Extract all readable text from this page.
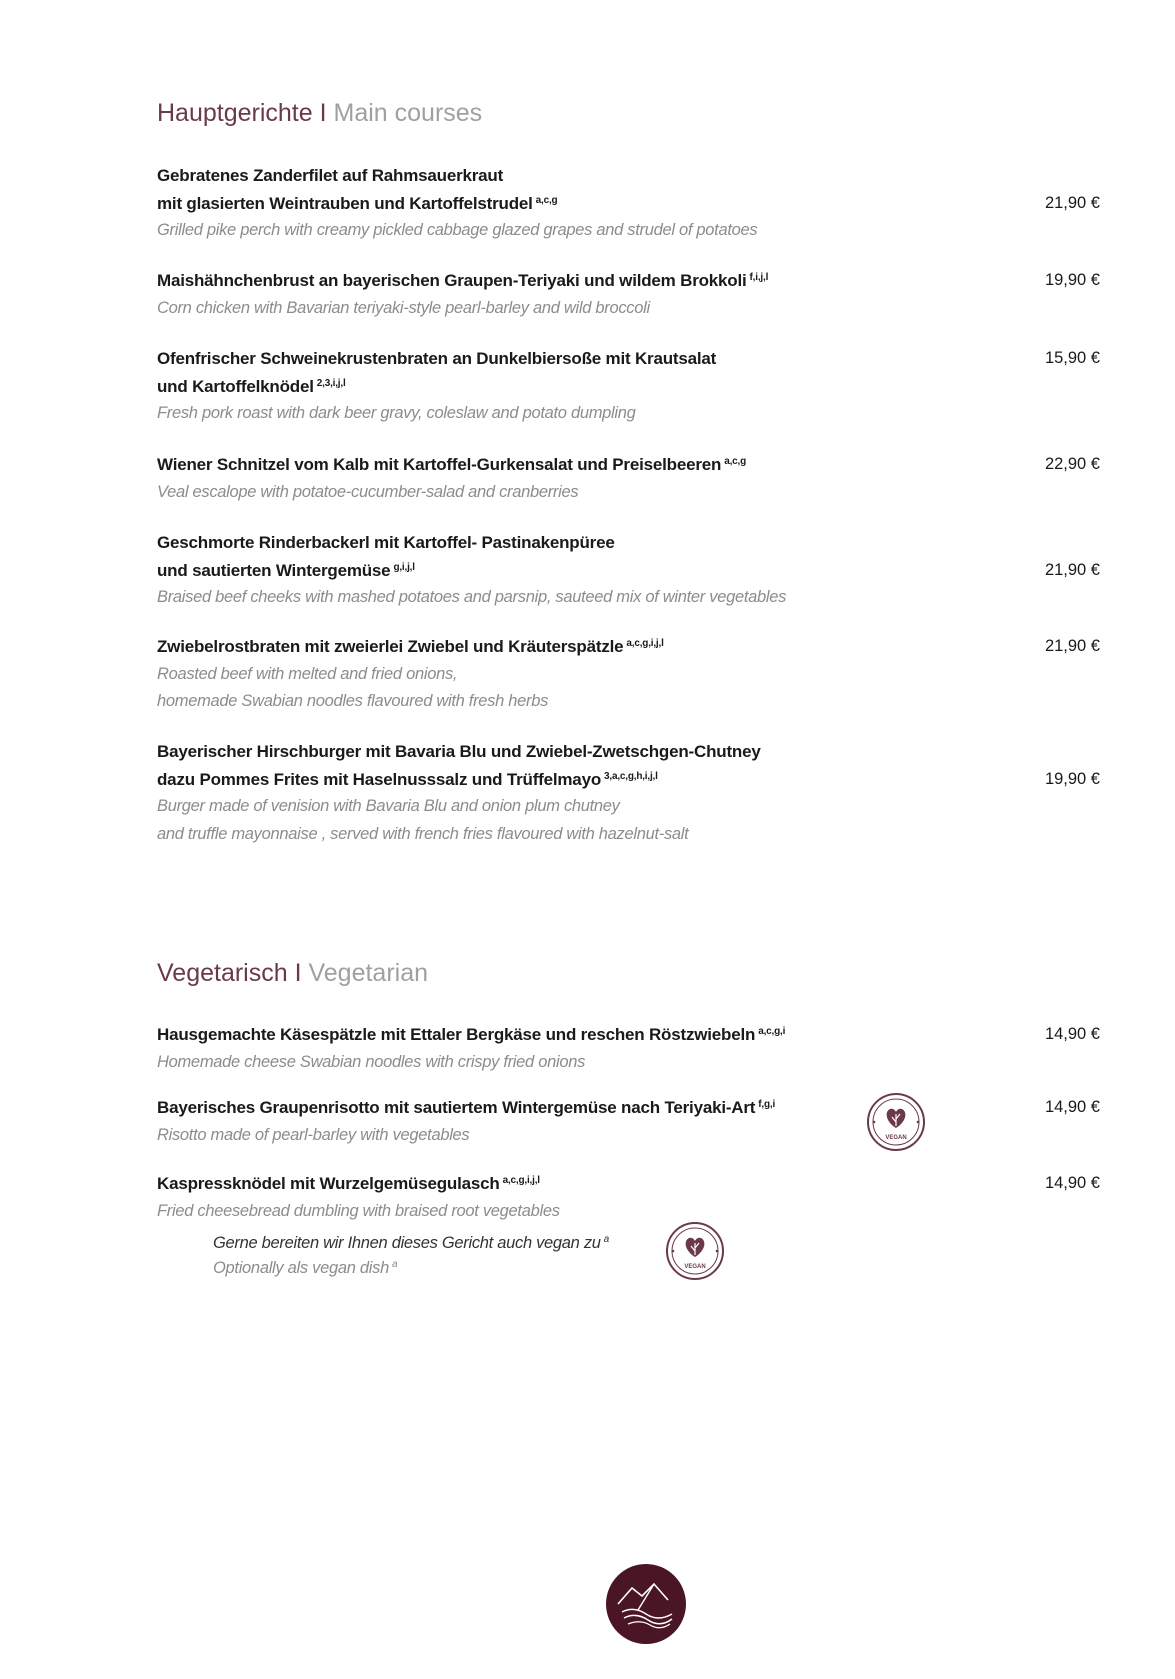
Hauptgerichte I Main courses
Gebratenes Zanderfilet auf Rahmsauerkraut
mit glasierten Weintrauben und Kartoffelstrudel $^{a,c,g}$
Grilled pike perch with creamy pickled cabbage glazed grapes and strudel of potatoes
21,90 €
Maishähnchenbrust an bayerischen Graupen-Teriyaki und wildem Brokkoli $^{f,i,j,l}$
Corn chicken with Bavarian teriyaki-style pearl-barley and wild broccoli
19,90 €
Ofenfrischer Schweinekrustenbraten an Dunkelbiersoße mit Krautsalat
und Kartoffelknödel $^{2,3,i,j,l}$
Fresh pork roast with dark beer gravy, coleslaw and potato dumpling
15,90 €
Wiener Schnitzel vom Kalb mit Kartoffel-Gurkensalat und Preiselbeeren $^{a,c,g}$
Veal escalope with potatoe-cucumber-salad and cranberries
22,90 €
Geschmorte Rinderbackerl mit Kartoffel- Pastinakenpüree
und sautierten Wintergemüse $^{g,i,j,l}$
Braised beef cheeks with mashed potatoes and parsnip, sauteed mix of winter vegetables
21,90 €
Zwiebelrostbraten mit zweierlei Zwiebel und Kräuterspätzle $^{a,c,g,i,j,l}$
Roasted beef with melted and fried onions,
homemade Swabian noodles flavoured with fresh herbs
21,90 €
Bayerischer Hirschburger mit Bavaria Blu und Zwiebel-Zwetschgen-Chutney
dazu Pommes Frites mit Haselnusssalz und Trüffelmayo $^{3,a,c,g,h,i,j,l}$
Burger made of venision with Bavaria Blu and onion plum chutney
and truffle mayonnaise , served with french fries flavoured with hazelnut-salt
19,90 €
Vegetarisch I Vegetarian
Hausgemachte Käsespätzle mit Ettaler Bergkäse und reschen Röstzwiebeln $^{a,c,g,i}$
Homemade cheese Swabian noodles with crispy fried onions
14,90 €
Bayerisches Graupenrisotto mit sautiertem Wintergemüse nach Teriyaki-Art $^{f,g,i}$
Risotto made of pearl-barley with vegetables
14,90 €
Kaspressknödel mit Wurzelgemüsegulasch $^{a,c,g,i,j,l}$
Fried cheesebread dumbling with braised root vegetables
14,90 €
Gerne bereiten wir Ihnen dieses Gericht auch vegan zu $^a$
Optionally als vegan dish $^a$
VEGAN
VEGAN
